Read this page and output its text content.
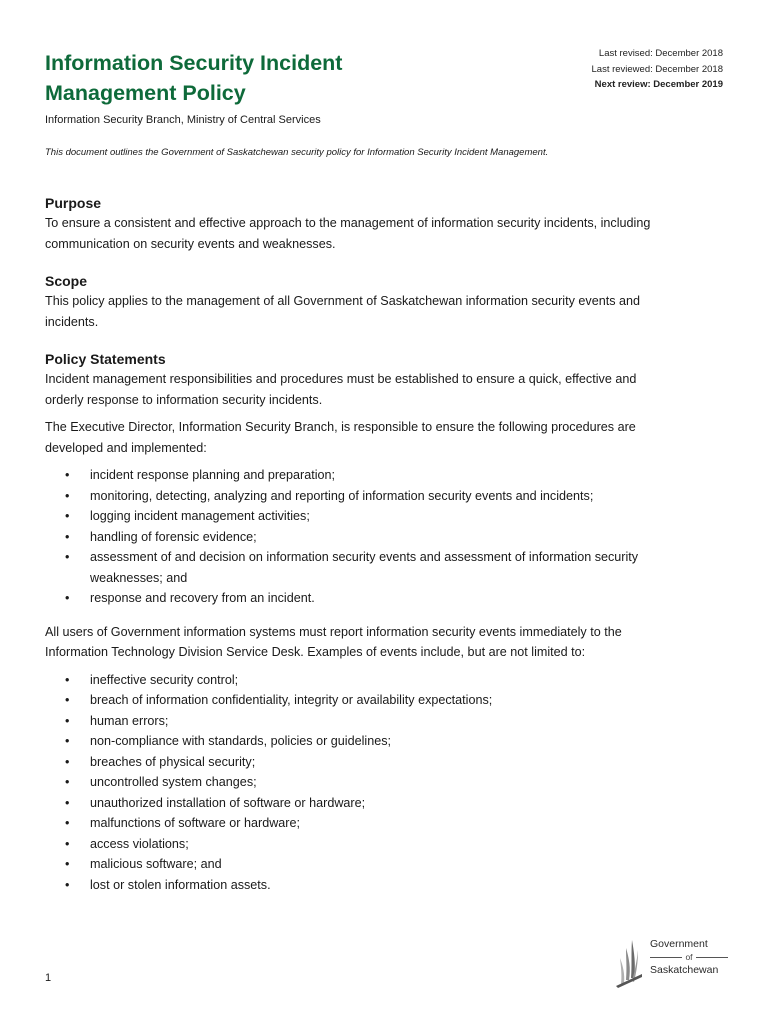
Information Security Incident
Management Policy
Last revised: December 2018
Last reviewed: December 2018
Next review: December 2019
Information Security Branch, Ministry of Central Services
This document outlines the Government of Saskatchewan security policy for Information Security Incident Management.
Purpose

To ensure a consistent and effective approach to the management of information security incidents, including

communication on security events and weaknesses.

Scope

This policy applies to the management of all Government of Saskatchewan information security events and

incidents.

Policy Statements

Incident management responsibilities and procedures must be established to ensure a quick, effective and

orderly response to information security incidents.

The Executive Director, Information Security Branch, is responsible to ensure the following procedures are

developed and implemented:

• incident response planning and preparation;
• monitoring, detecting, analyzing and reporting of information security events and incidents;
• logging incident management activities;
• handling of forensic evidence;
• assessment of and decision on information security events and assessment of information security
weaknesses; and
• response and recovery from an incident.

All users of Government information systems must report information security events immediately to the

Information Technology Division Service Desk. Examples of events include, but are not limited to:

• ineffective security control;
• breach of information confidentiality, integrity or availability expectations;
• human errors;
• non-compliance with standards, policies or guidelines;
• breaches of physical security;
• uncontrolled system changes;
• unauthorized installation of software or hardware;
• malfunctions of software or hardware;
• access violations;
• malicious software; and
• lost or stolen information assets.
1
Government
of
Saskatchewan
